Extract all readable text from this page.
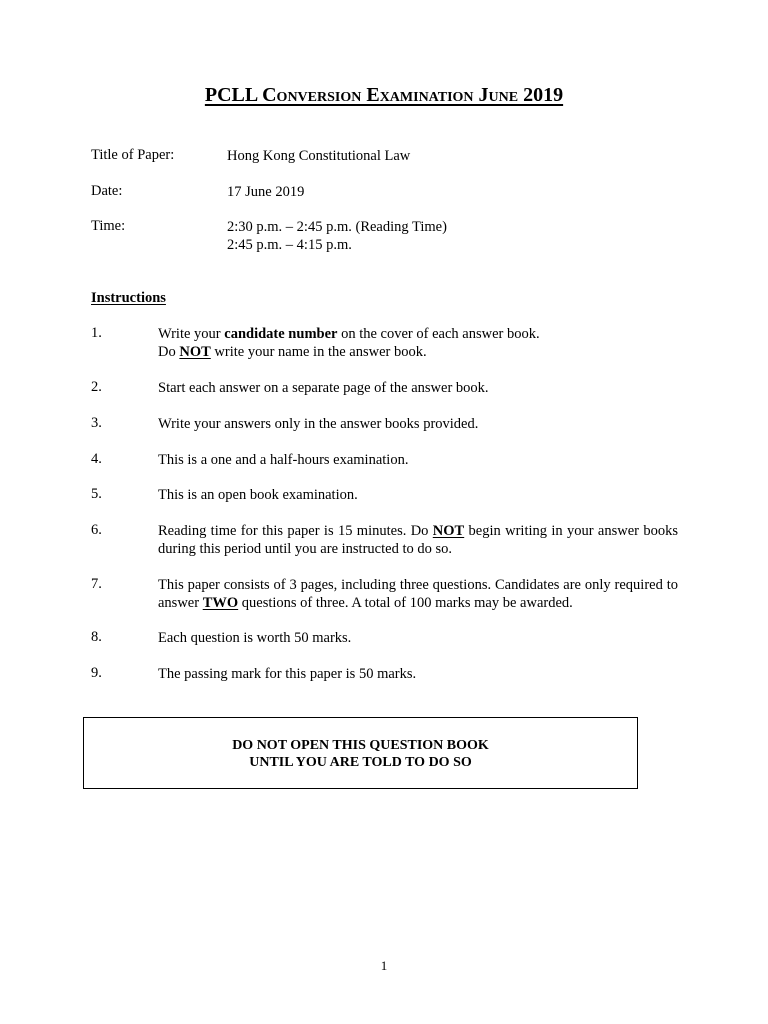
PCLL Conversion Examination June 2019
Title of Paper:	Hong Kong Constitutional Law
Date:	17 June 2019
Time:	2:30 p.m. – 2:45 p.m. (Reading Time)
2:45 p.m. – 4:15 p.m.
Instructions
1.	Write your candidate number on the cover of each answer book.
Do NOT write your name in the answer book.
2.	Start each answer on a separate page of the answer book.
3.	Write your answers only in the answer books provided.
4.	This is a one and a half-hours examination.
5.	This is an open book examination.
6.	Reading time for this paper is 15 minutes. Do NOT begin writing in your answer books during this period until you are instructed to do so.
7.	This paper consists of 3 pages, including three questions. Candidates are only required to answer TWO questions of three. A total of 100 marks may be awarded.
8.	Each question is worth 50 marks.
9.	The passing mark for this paper is 50 marks.
DO NOT OPEN THIS QUESTION BOOK
UNTIL YOU ARE TOLD TO DO SO
1
